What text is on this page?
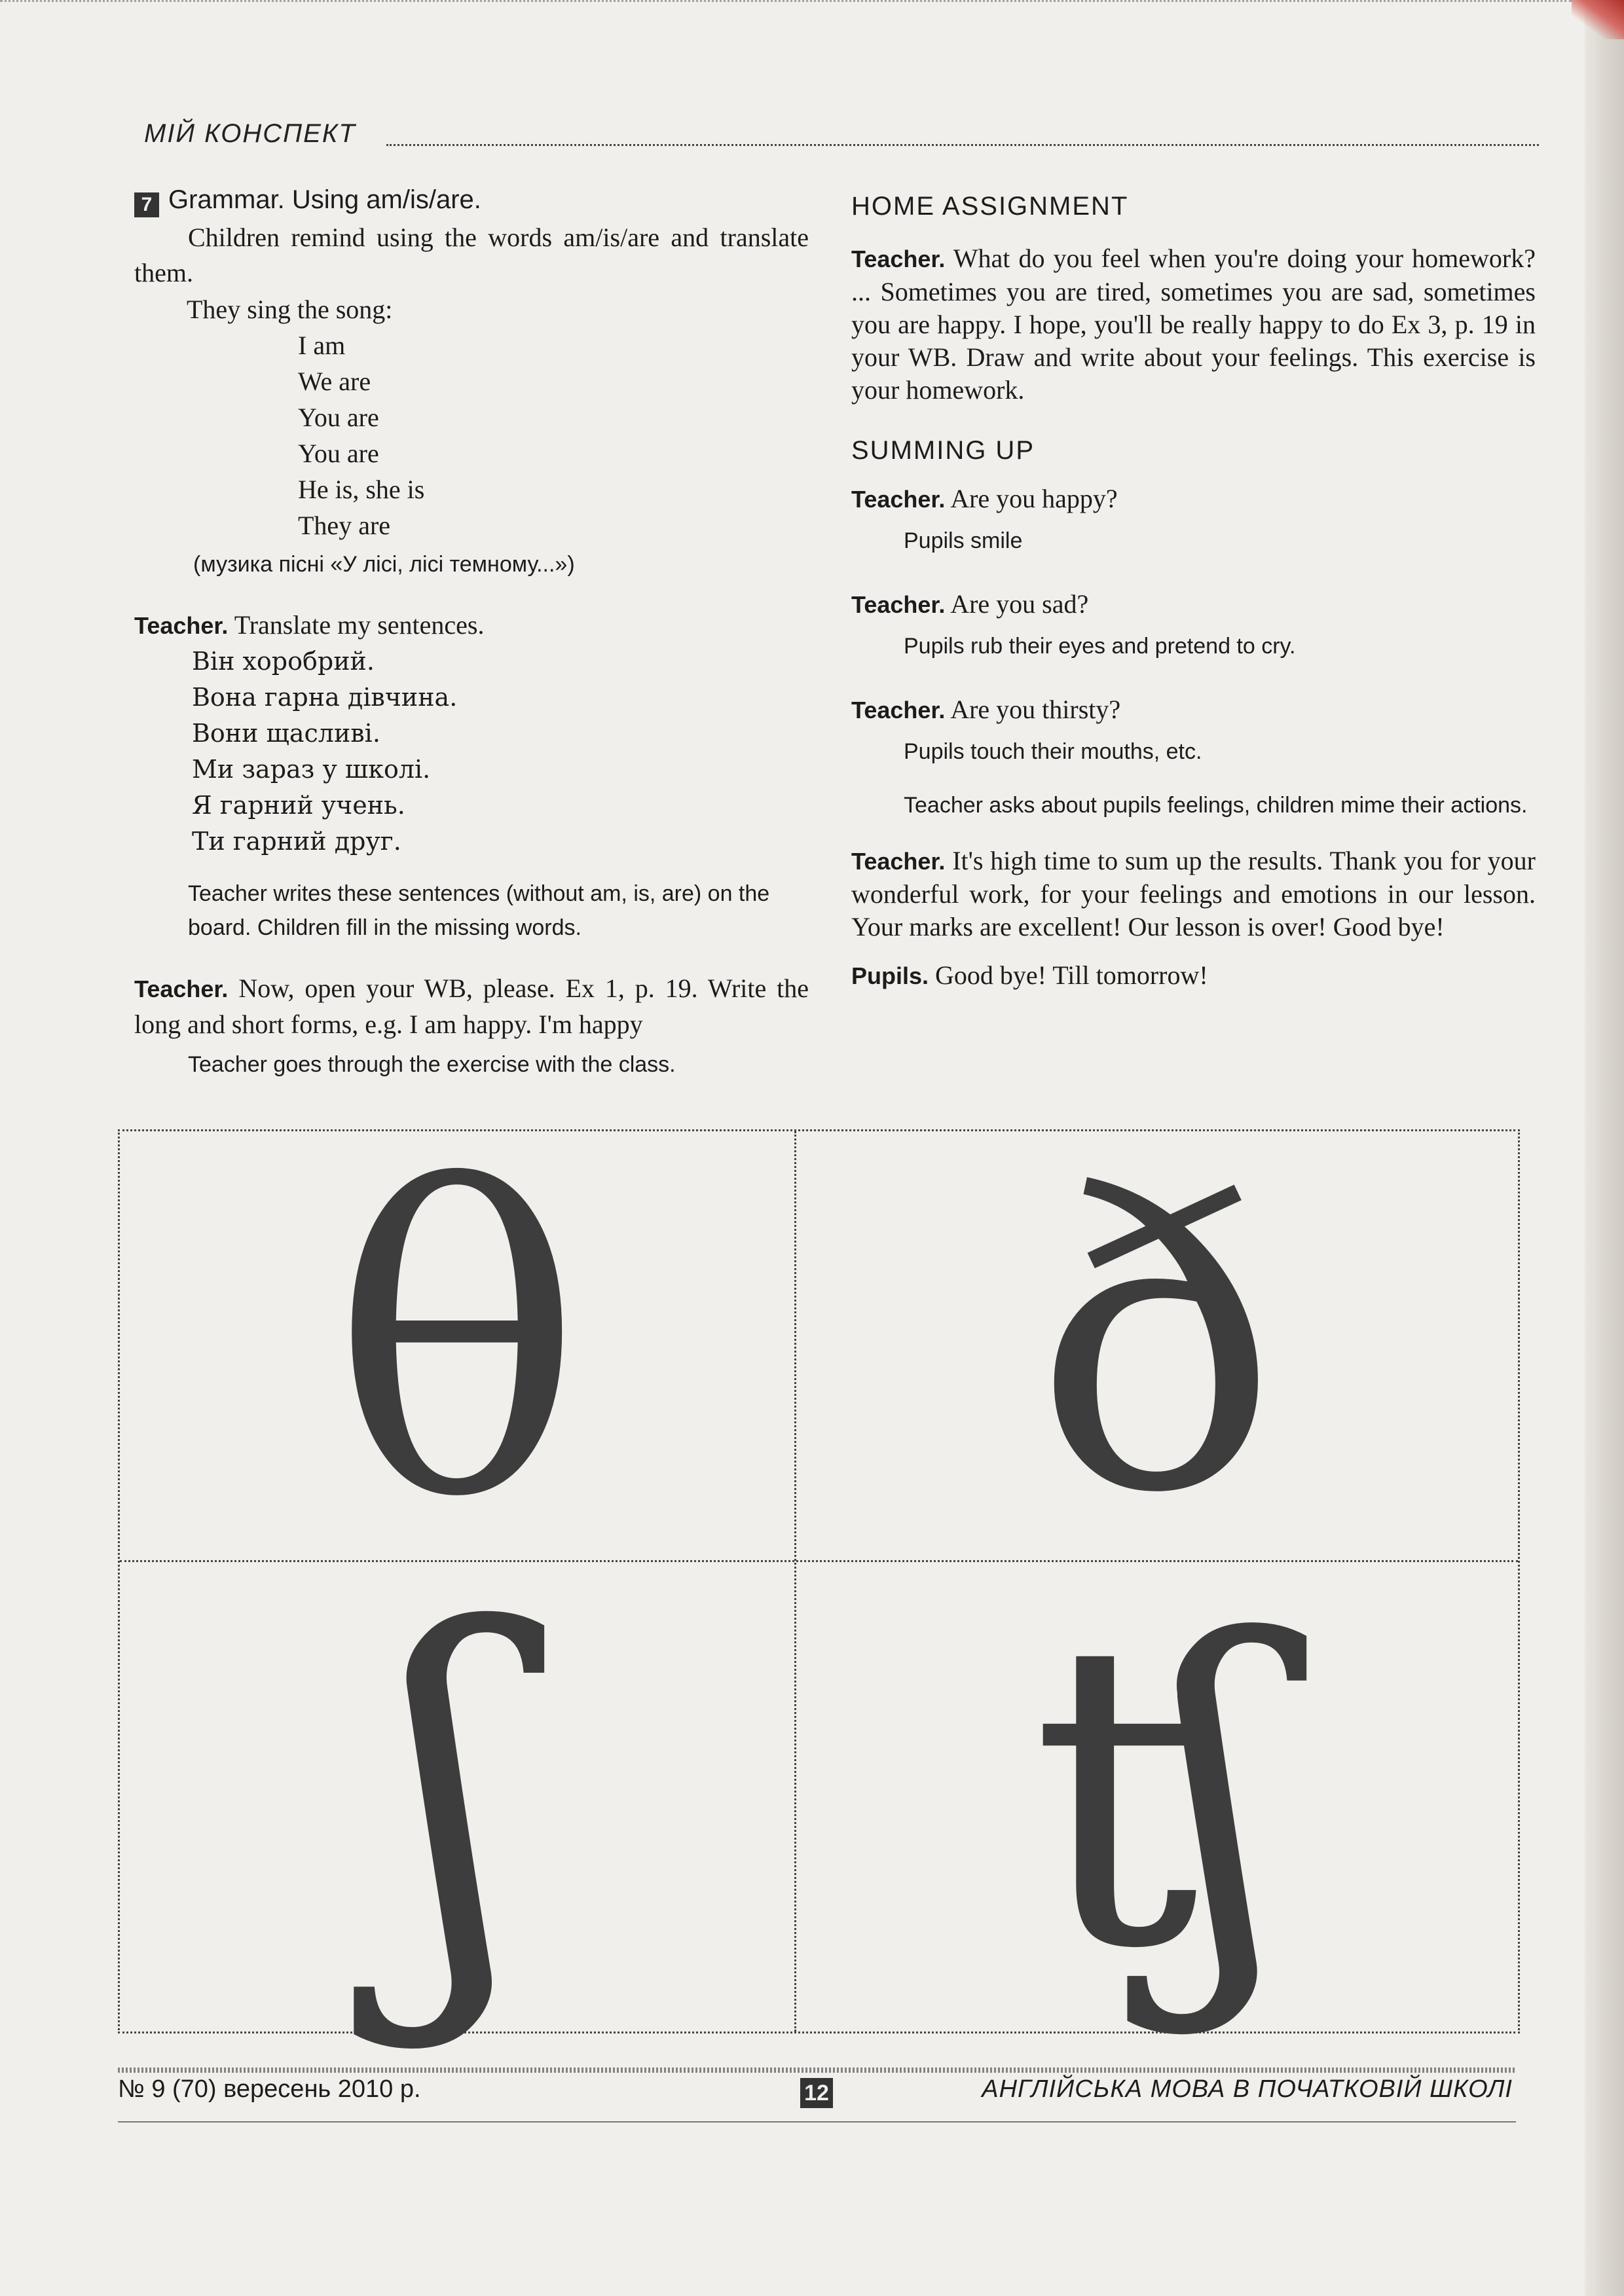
МІЙ КОНСПЕКТ
7 Grammar. Using am/is/are.
Children remind using the words am/is/are and translate them.
They sing the song:
I am
We are
You are
You are
He is, she is
They are
(музика пісні «У лісі, лісі темному...»)
Teacher. Translate my sentences.
Він хоробрий.
Вона гарна дівчина.
Вони щасливі.
Ми зараз у школі.
Я гарний учень.
Ти гарний друг.
Teacher writes these sentences (without am, is, are) on the board. Children fill in the missing words.
Teacher. Now, open your WB, please. Ex 1, p. 19. Write the long and short forms, e.g. I am happy. I'm happy
Teacher goes through the exercise with the class.
HOME ASSIGNMENT
Teacher. What do you feel when you're doing your homework? ... Sometimes you are tired, sometimes you are sad, sometimes you are happy. I hope, you'll be really happy to do Ex 3, p. 19 in your WB. Draw and write about your feelings. This exercise is your homework.
SUMMING UP
Teacher. Are you happy?
Pupils smile
Teacher. Are you sad?
Pupils rub their eyes and pretend to cry.
Teacher. Are you thirsty?
Pupils touch their mouths, etc.
Teacher asks about pupils feelings, children mime their actions.
Teacher. It's high time to sum up the results. Thank you for your wonderful work, for your feelings and emotions in our lesson. Your marks are excellent! Our lesson is over! Good bye!
Pupils. Good bye! Till tomorrow!
θ	ð
ʃ	ʧ
№ 9 (70) вересень 2010 р.	12	АНГЛІЙСЬКА МОВА В ПОЧАТКОВІЙ ШКОЛІ
